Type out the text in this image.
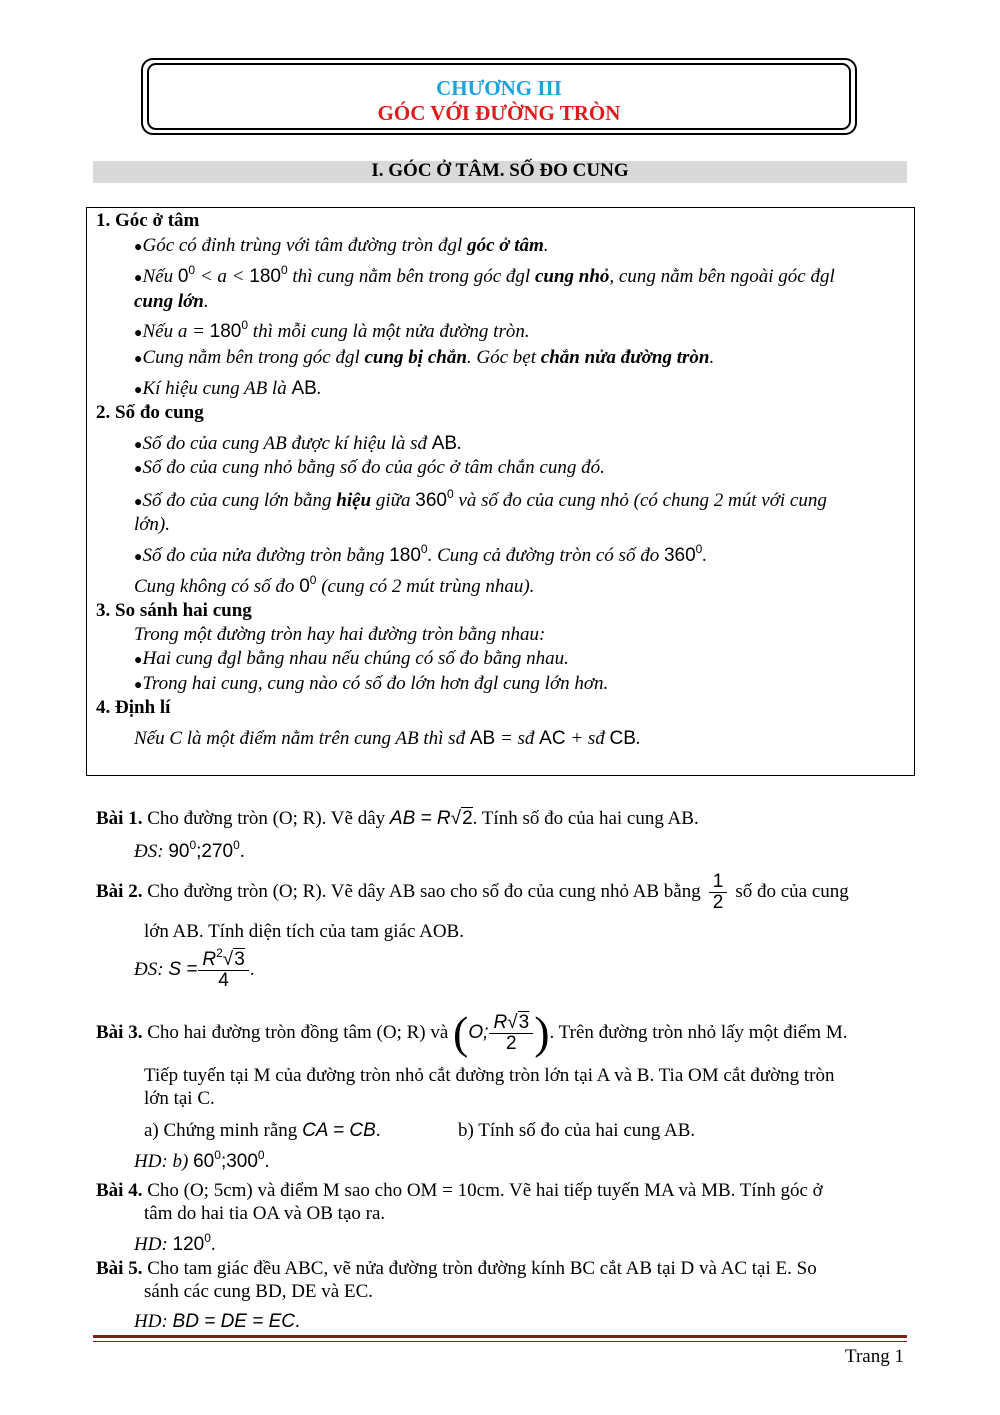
CHƯƠNG III
GÓC VỚI ĐƯỜNG TRÒN
I. GÓC Ở TÂM. SỐ ĐO CUNG
1. Góc ở tâm
●Góc có đỉnh trùng với tâm đường tròn đgl góc ở tâm.
●Nếu $0^0 < a < 180^0$ thì cung nằm bên trong góc đgl cung nhỏ, cung nằm bên ngoài góc đgl
cung lớn.
●Nếu $a = 180^0$ thì mỗi cung là một nửa đường tròn.
●Cung nằm bên trong góc đgl cung bị chắn. Góc bẹt chắn nửa đường tròn.
●Kí hiệu cung AB là AB.
2. Số đo cung
●Số đo của cung AB được kí hiệu là sđ AB.
●Số đo của cung nhỏ bằng số đo của góc ở tâm chắn cung đó.
●Số đo của cung lớn bằng hiệu giữa $360^0$ và số đo của cung nhỏ (có chung 2 mút với cung
lớn).
●Số đo của nửa đường tròn bằng $180^0$. Cung cả đường tròn có số đo $360^0$.
Cung không có số đo $0^0$ (cung có 2 mút trùng nhau).
3. So sánh hai cung
Trong một đường tròn hay hai đường tròn bằng nhau:
●Hai cung đgl bằng nhau nếu chúng có số đo bằng nhau.
●Trong hai cung, cung nào có số đo lớn hơn đgl cung lớn hơn.
4. Định lí
Nếu C là một điểm nằm trên cung AB thì sđ AB = sđ AC + sđ CB.
Bài 1. Cho đường tròn (O; R). Vẽ dây AB = R√2. Tính số đo của hai cung AB.
ĐS: $90^0;270^0$.
Bài 2.
Cho đường tròn (O; R). Vẽ dây AB sao cho số đo của cung nhỏ AB bằng $\frac{1}{2}$ số đo của cung
lớn AB. Tính diện tích của tam giác AOB.
ĐS:
$S = \frac{R^2√3}{4}$ .
Bài 3.
Cho hai đường tròn đồng tâm (O; R) và
( O; $\frac{R√3}{2}$ ) . Trên đường tròn nhỏ lấy một điểm M.
Tiếp tuyến tại M của đường tròn nhỏ cắt đường tròn lớn tại A và B. Tia OM cắt đường tròn
lớn tại C.
a) Chứng minh rằng CA = CB.	b) Tính số đo của hai cung AB.
HD: b) $60^0;300^0$.
Bài 4. Cho (O; 5cm) và điểm M sao cho OM = 10cm. Vẽ hai tiếp tuyến MA và MB. Tính góc ở
tâm do hai tia OA và OB tạo ra.
HD: $120^0$.
Bài 5. Cho tam giác đều ABC, vẽ nửa đường tròn đường kính BC cắt AB tại D và AC tại E. So
sánh các cung BD, DE và EC.
HD: BD = DE = EC.
Trang 1
